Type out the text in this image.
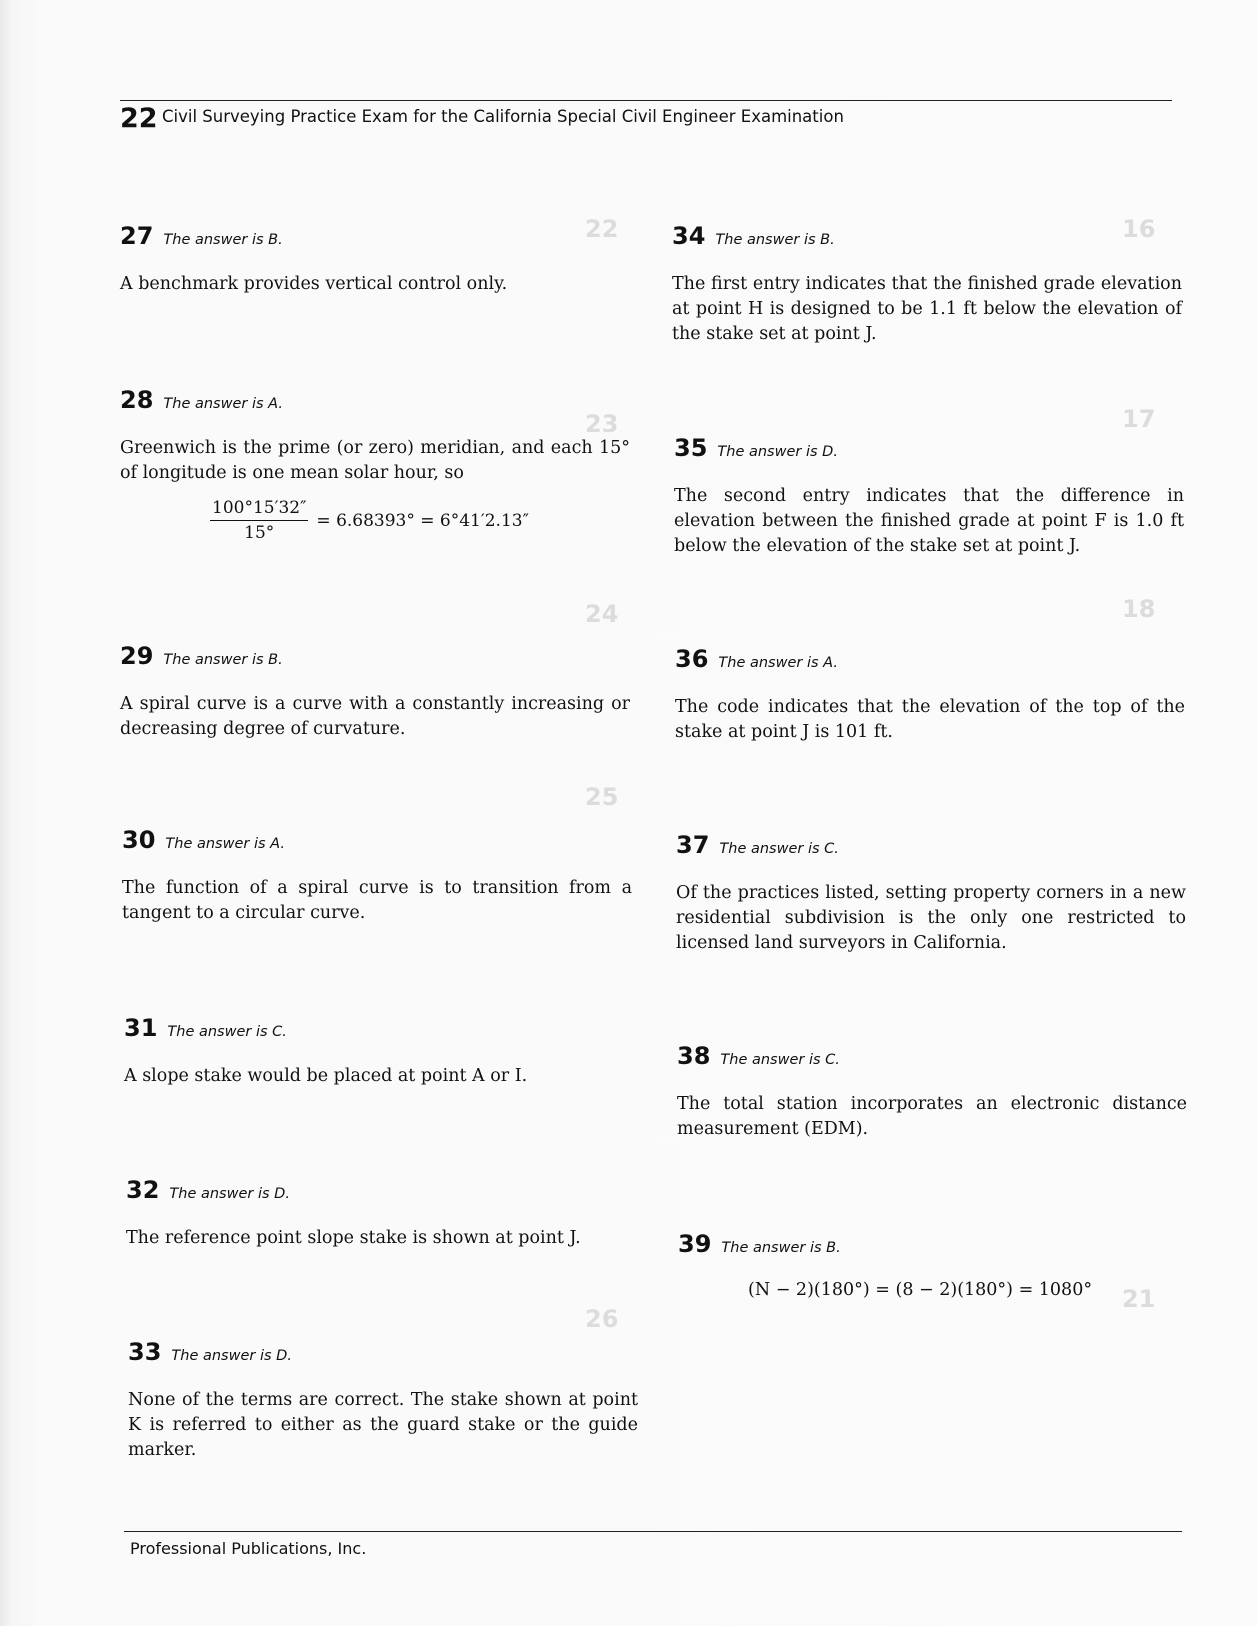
22	16
23	17
24	18
25
21
26
22 Civil Surveying Practice Exam for the California Special Civil Engineer Examination
27 The answer is B.
A benchmark provides vertical control only.
28 The answer is A.
Greenwich is the prime (or zero) meridian, and each 15° of longitude is one mean solar hour, so
$\frac{100^\circ 15'32''}{15^\circ} = 6.68393^\circ = 6^\circ 41'2.13''$
29 The answer is B.
A spiral curve is a curve with a constantly increasing or decreasing degree of curvature.
30 The answer is A.
The function of a spiral curve is to transition from a tangent to a circular curve.
31 The answer is C.
A slope stake would be placed at point A or I.
32 The answer is D.
The reference point slope stake is shown at point J.
33 The answer is D.
None of the terms are correct. The stake shown at point K is referred to either as the guard stake or the guide marker.
34 The answer is B.
The first entry indicates that the finished grade elevation at point H is designed to be 1.1 ft below the elevation of the stake set at point J.
35 The answer is D.
The second entry indicates that the difference in elevation between the finished grade at point F is 1.0 ft below the elevation of the stake set at point J.
36 The answer is A.
The code indicates that the elevation of the top of the stake at point J is 101 ft.
37 The answer is C.
Of the practices listed, setting property corners in a new residential subdivision is the only one restricted to licensed land surveyors in California.
38 The answer is C.
The total station incorporates an electronic distance measurement (EDM).
39 The answer is B.
(N − 2)(180°) = (8 − 2)(180°) = 1080°
Professional Publications, Inc.
